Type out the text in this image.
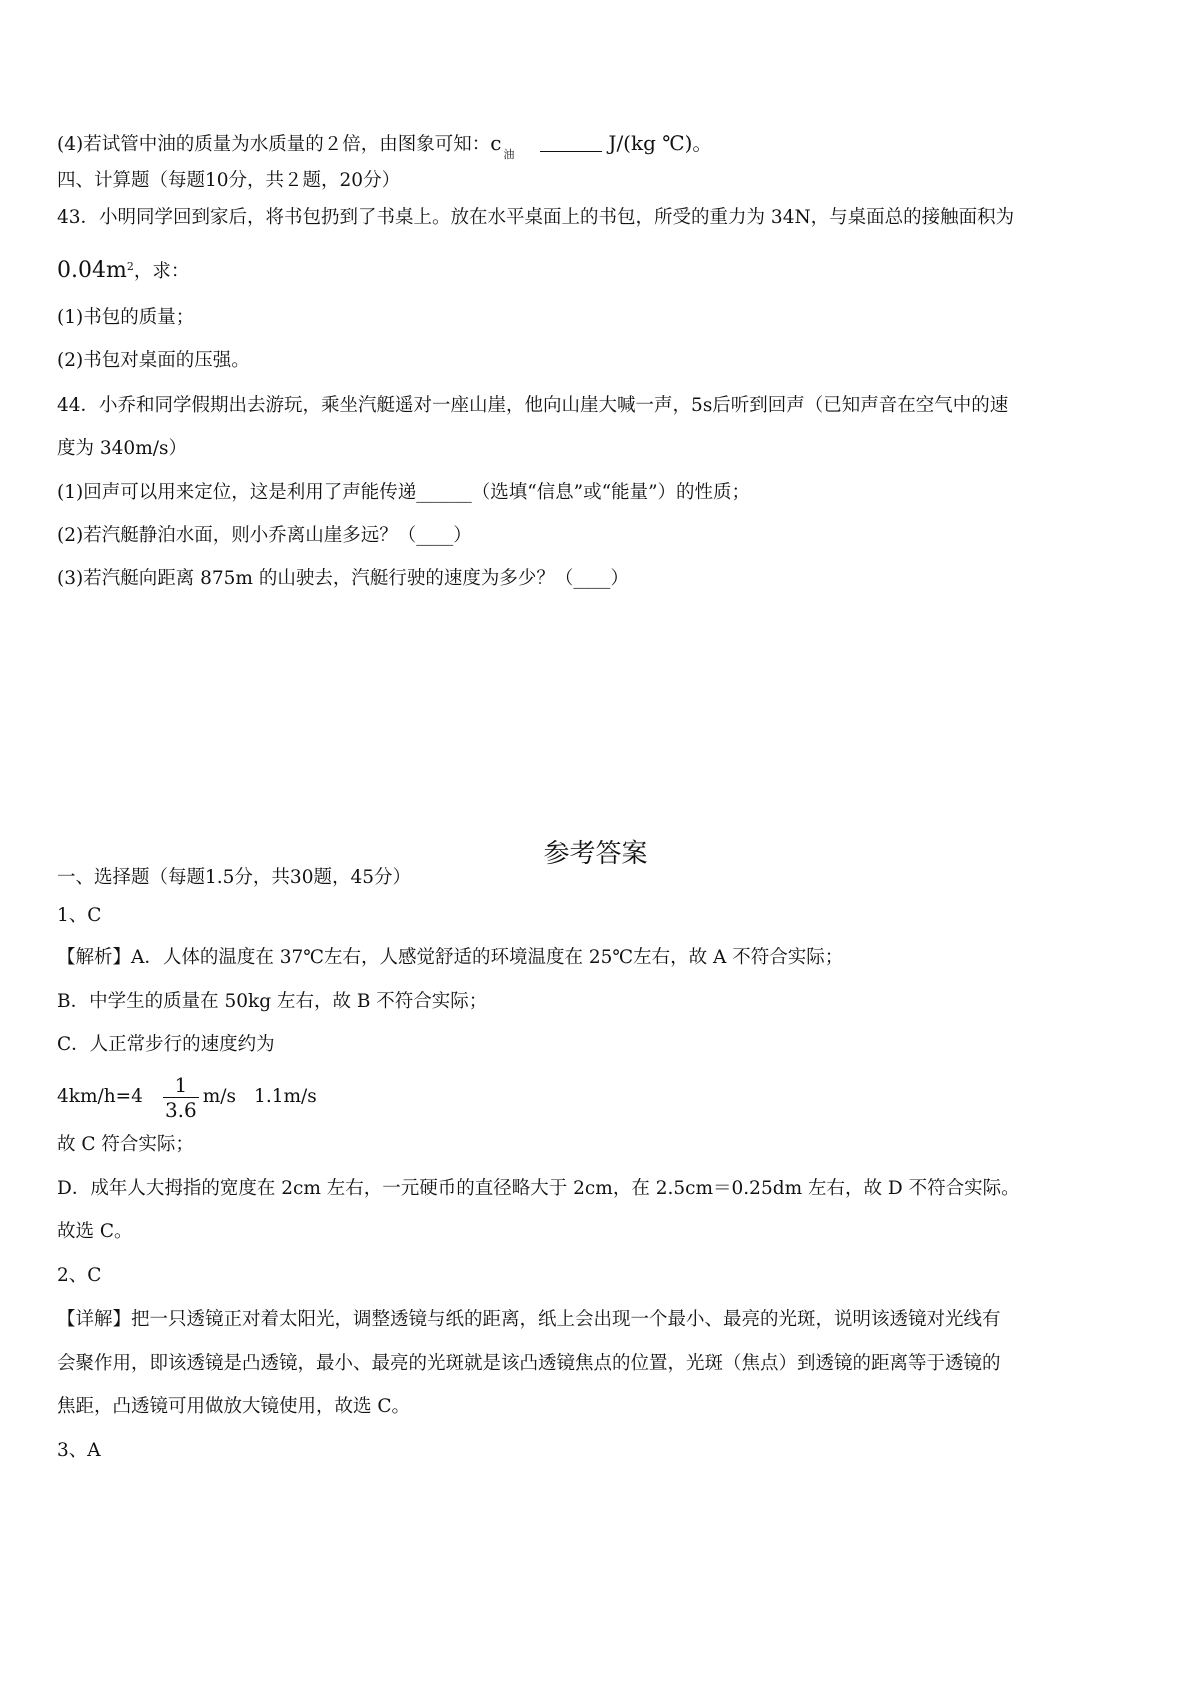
(4)若试管中油的质量为水质量的２倍，由图象可知：c $_油$	J/(kg ℃)。
四、计算题（每题10分，共２题，20分）
43．小明同学回到家后，将书包扔到了书桌上。放在水平桌面上的书包，所受的重力为 34N，与桌面总的接触面积为
$0.04m^2$，求：
(1)书包的质量；
(2)书包对桌面的压强。
44．小乔和同学假期出去游玩，乘坐汽艇遥对一座山崖，他向山崖大喊一声，5s后听到回声（已知声音在空气中的速
度为 340m/s）
(1)回声可以用来定位，这是利用了声能传递______（选填“信息”或“能量”）的性质；
(2)若汽艇静泊水面，则小乔离山崖多远？（____）
(3)若汽艇向距离 875m 的山驶去，汽艇行驶的速度为多少？（____）
参考答案
一、选择题（每题1.5分，共30题，45分）
1、C
【解析】A．人体的温度在 37℃左右，人感觉舒适的环境温度在 25℃左右，故 A 不符合实际；
B．中学生的质量在 50kg 左右，故 B 不符合实际；
C．人正常步行的速度约为
$4km/h=4 \frac{1}{3.6} m/s$ 1.1m/s
故 C 符合实际；
D．成年人大拇指的宽度在 2cm 左右，一元硬币的直径略大于 2cm，在 2.5cm＝0.25dm 左右，故 D 不符合实际。
故选 C。
2、C
【详解】把一只透镜正对着太阳光，调整透镜与纸的距离，纸上会出现一个最小、最亮的光斑，说明该透镜对光线有
会聚作用，即该透镜是凸透镜，最小、最亮的光斑就是该凸透镜焦点的位置，光斑（焦点）到透镜的距离等于透镜的
焦距，凸透镜可用做放大镜使用，故选 C。
3、A
